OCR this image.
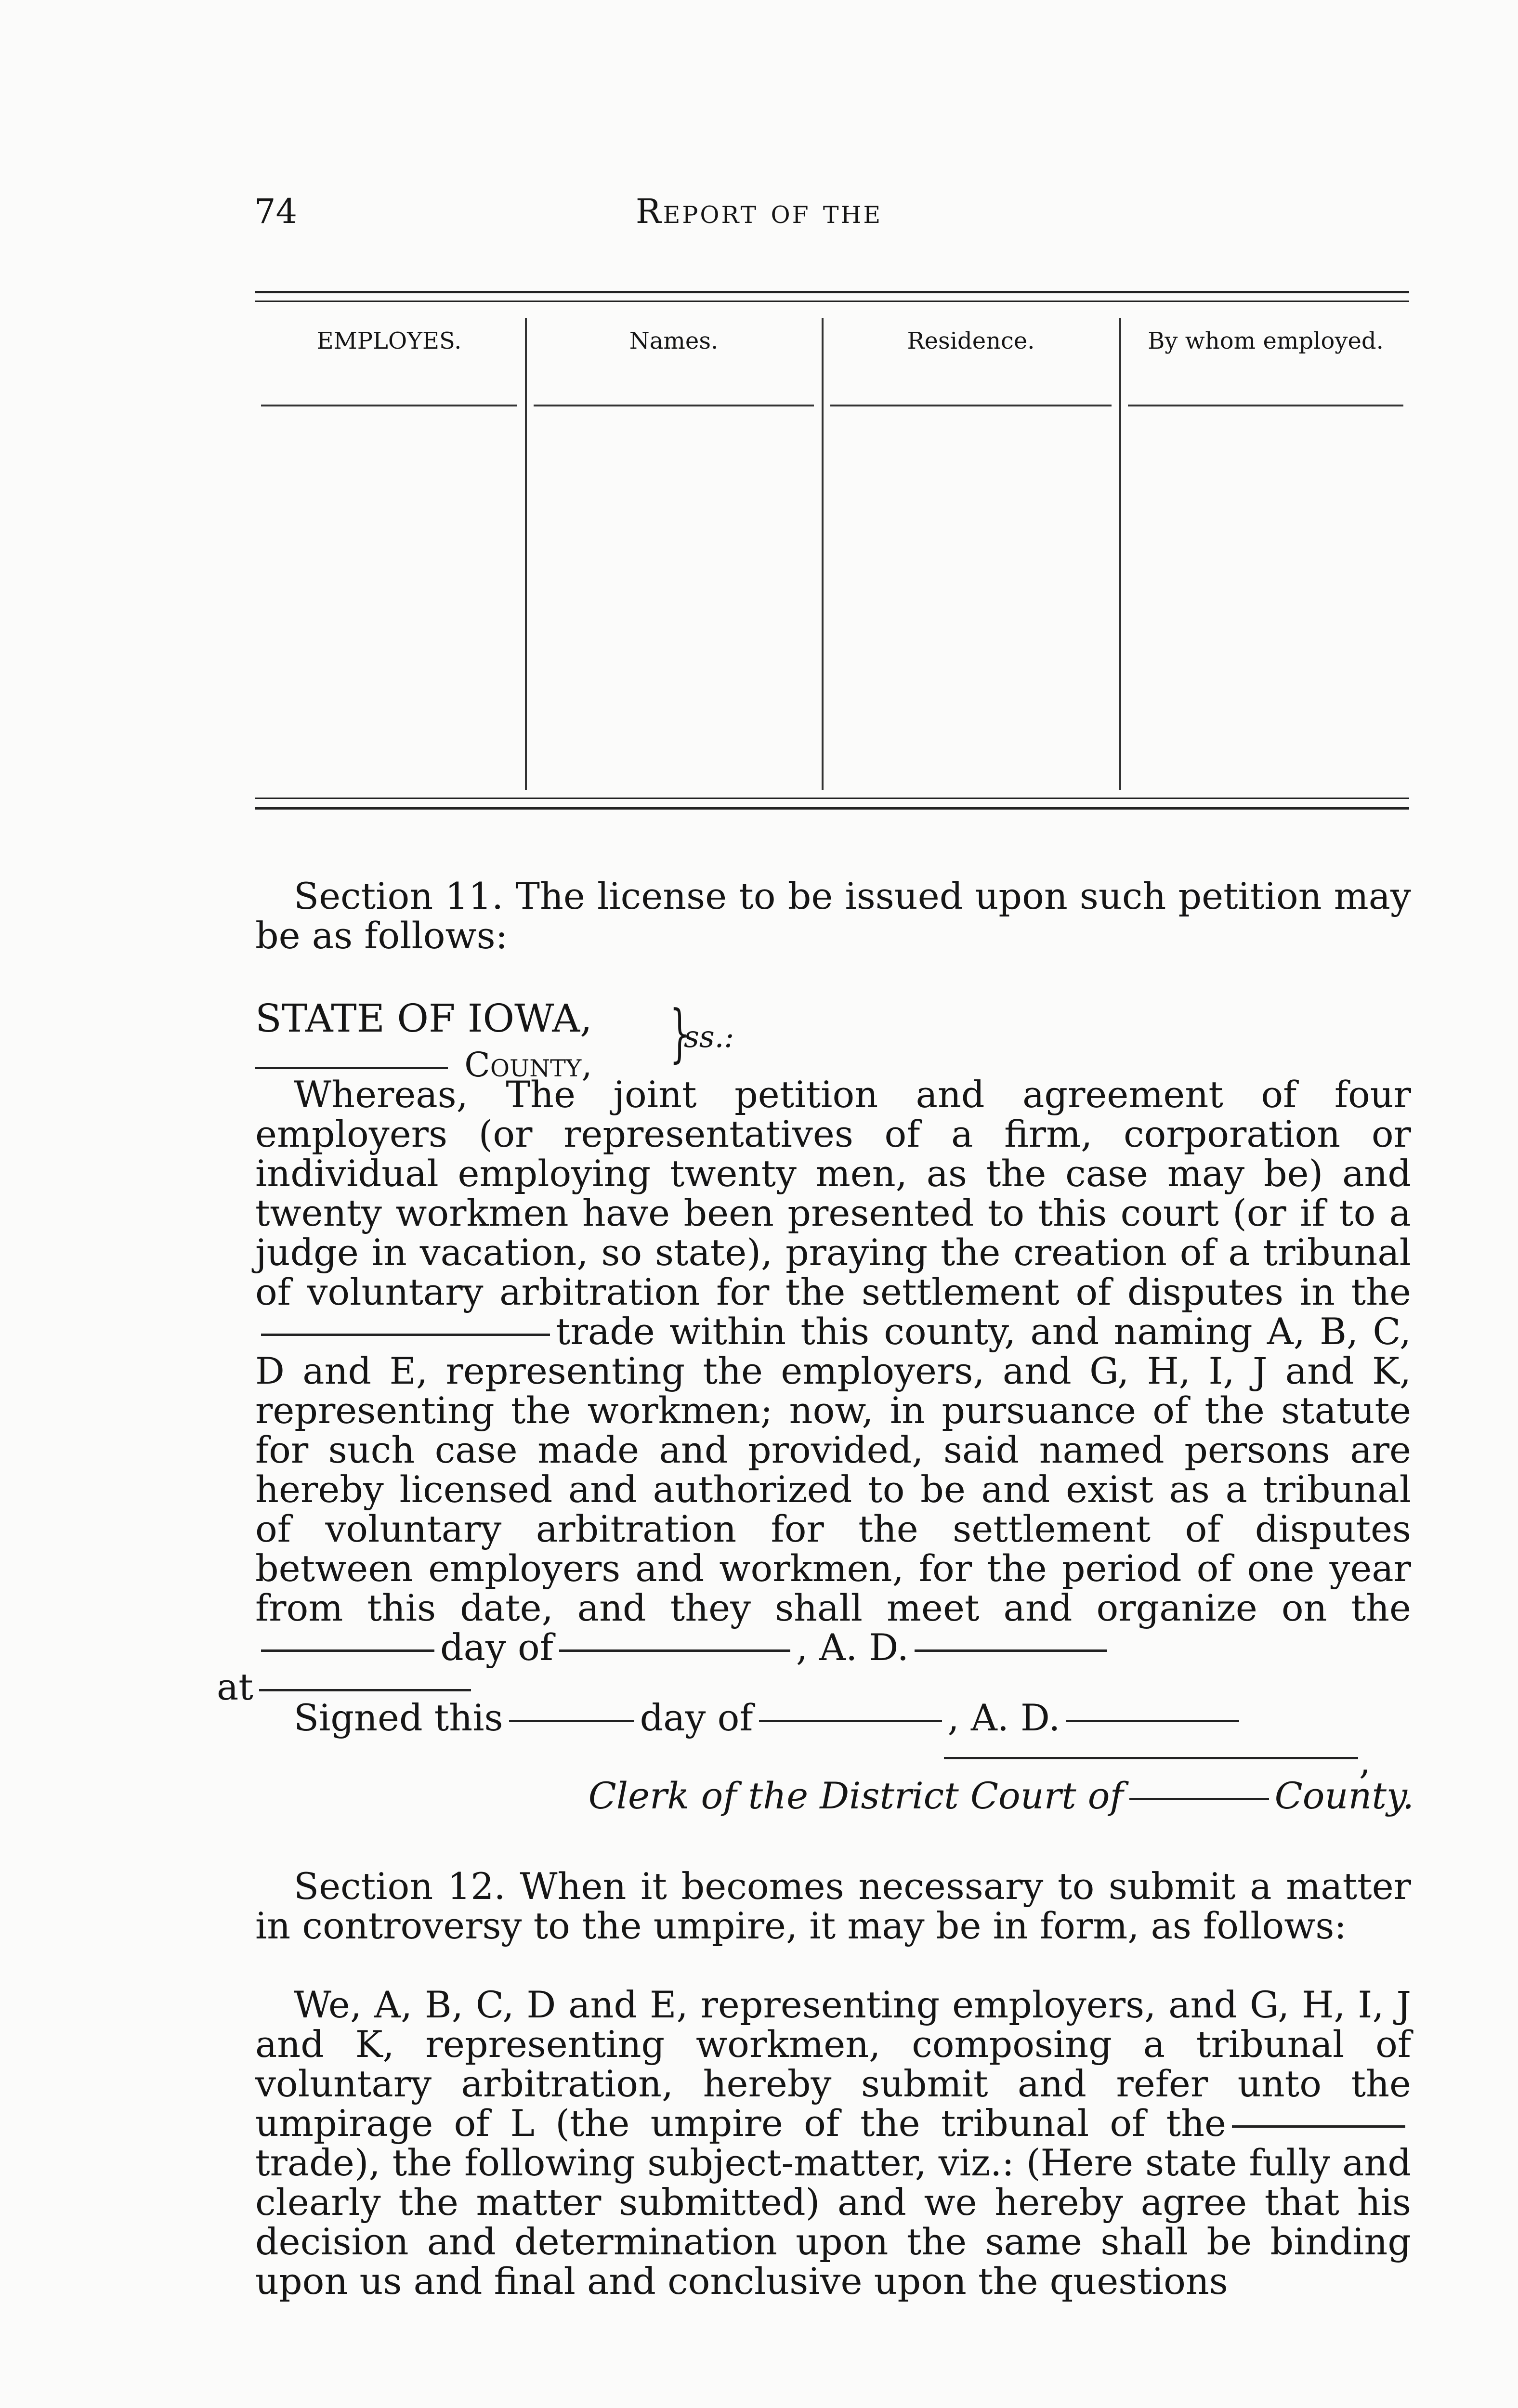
74	Report of the
EMPLOYES.	Names.	Residence.	By whom employed.
Section 11. The license to be issued upon such petition may be as follows:
STATE OF IOWA,
County, }
ss.:
Whereas, The joint petition and agreement of four employers (or representatives of a firm, corporation or individual employing twenty men, as the case may be) and twenty workmen have been presented to this court (or if to a judge in vacation, so state), praying the creation of a tribunal of voluntary arbitration for the settlement of disputes in thetrade within this county, and naming A, B, C, D and E, representing the employers, and G, H, I, J and K, representing the workmen; now, in pursuance of the statute for such case made and provided, said named persons are hereby licensed and authorized to be and exist as a tribunal of voluntary arbitration for the settlement of disputes between employers and workmen, for the period of one year from this date, and they shall meet and organize on theday of	, A. D.
at
Signed this	day of	, A. D.
,
Clerk of the District Court of	County.
Section 12. When it becomes necessary to submit a matter in controversy to the umpire, it may be in form, as follows:
We, A, B, C, D and E, representing employers, and G, H, I, J and K, representing workmen, composing a tribunal of voluntary arbitration, hereby submit and refer unto the umpirage of L (the umpire of the tribunal of thetrade), the following subject-matter, viz.: (Here state fully and clearly the matter submitted) and we hereby agree that his decision and determination upon the same shall be binding upon us and final and conclusive upon the questions
